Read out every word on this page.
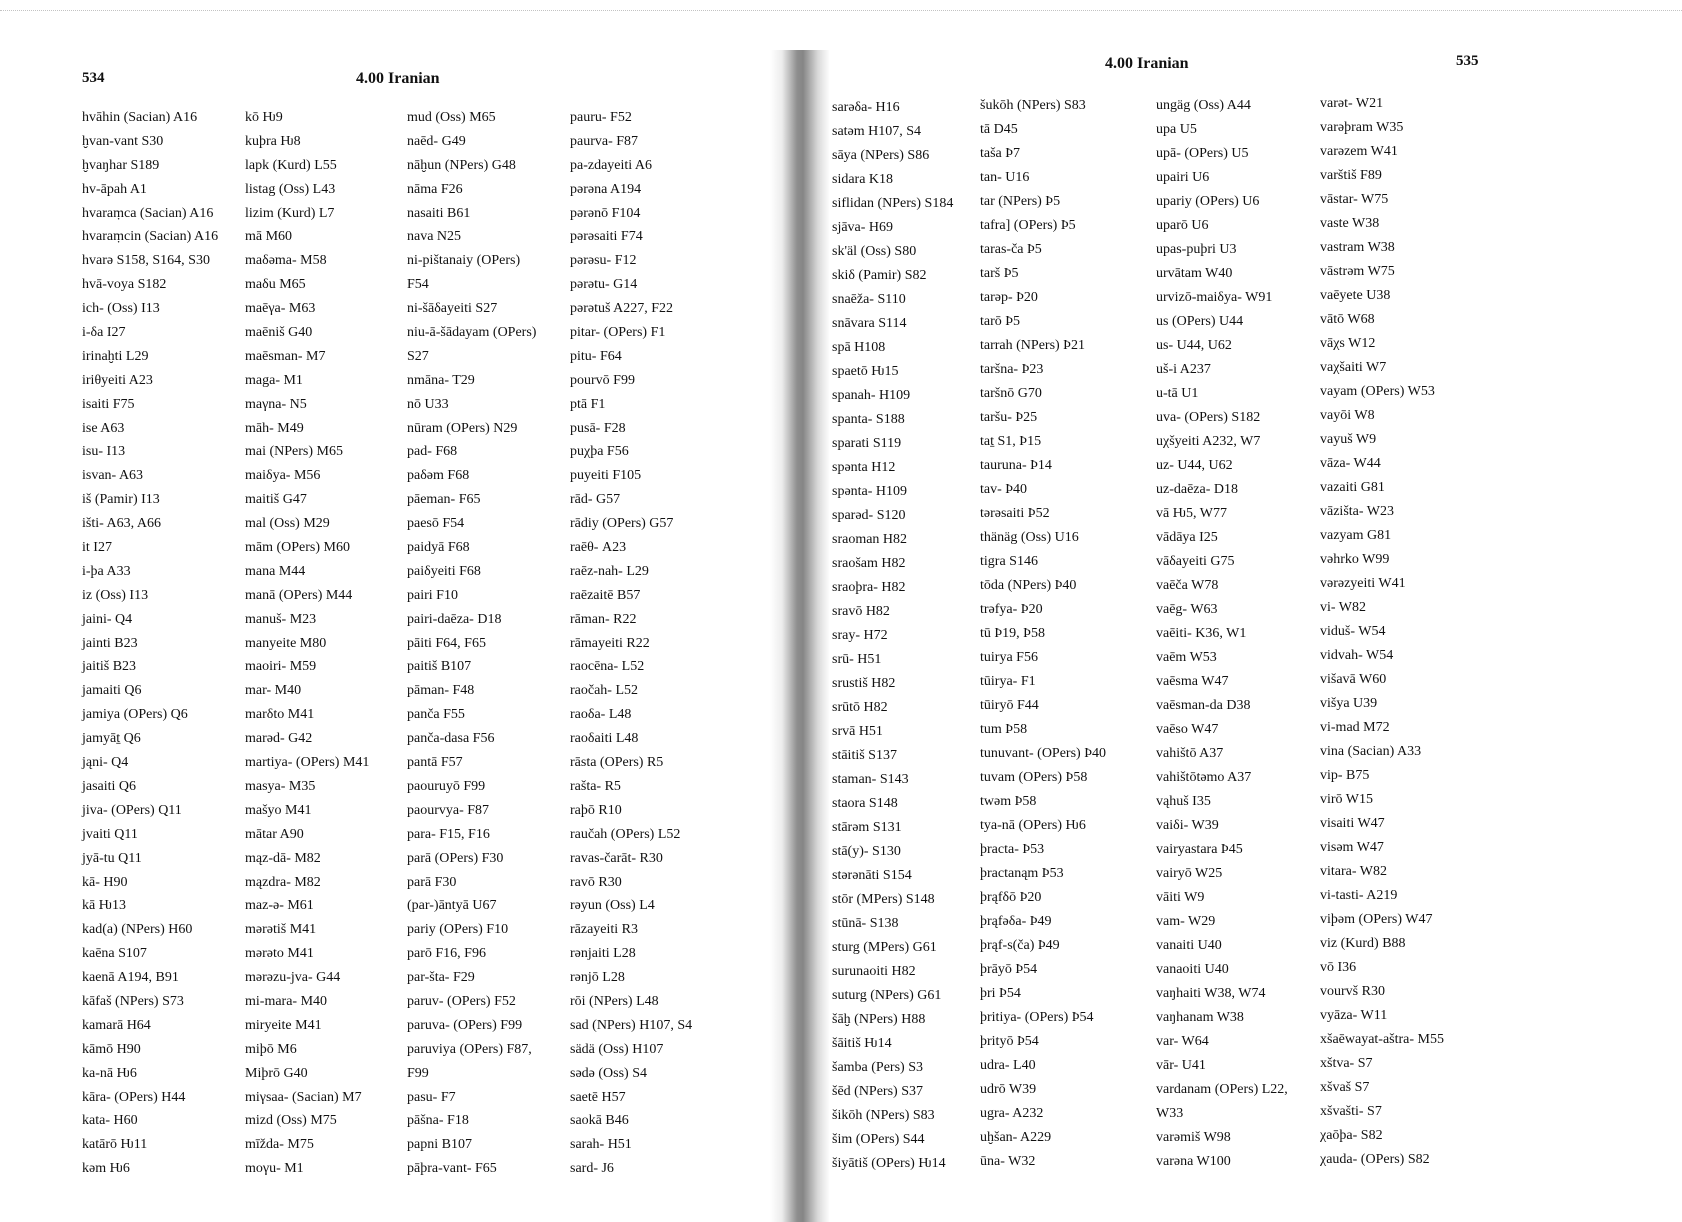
534	4.00 Iranian
hvāhin (Sacian) A16
ḫvan-vant S30
ḫvaŋhar S189
hv-āpah A1
hvaraṃca (Sacian) A16
hvaraṃcin (Sacian) A16
hvarə S158, S164, S30
hvā-voya S182
ich- (Oss) I13
i-δa I27
irinaḫti L29
iriθyeiti A23
isaiti F75
ise A63
isu- I13
isvan- A63
iš (Pamir) I13
išti- A63, A66
it I27
i-þa A33
iz (Oss) I13
jaini- Q4
jainti B23
jaitiš B23
jamaiti Q6
jamiya (OPers) Q6
jamyāṯ Q6
jąni- Q4
jasaiti Q6
jiva- (OPers) Q11
jvaiti Q11
jyā-tu Q11
kā- H90
kā Ƕ13
kad(a) (NPers) H60
kaēna S107
kaenā A194, B91
kāfaš (NPers) S73
kamarā H64
kāmō H90
ka-nā Ƕ6
kāra- (OPers) H44
kata- H60
katārō Ƕ11
kəm Ƕ6
kō Ƕ9
kuþra Ƕ8
lapk (Kurd) L55
listag (Oss) L43
lizim (Kurd) L7
mā M60
maδəma- M58
maδu M65
maēγa- M63
maēniš G40
maēsman- M7
maga- M1
maγna- N5
māh- M49
mai (NPers) M65
maiδya- M56
maitiš G47
mal (Oss) M29
mām (OPers) M60
mana M44
manā (OPers) M44
manuš- M23
manyeite M80
maoiri- M59
mar- M40
marδto M41
marəd- G42
martiya- (OPers) M41
masya- M35
mašyo M41
mātar A90
mąz-dā- M82
mązdra- M82
maz-ə- M61
mərətiš M41
mərəto M41
mərəzu-jva- G44
mi-mara- M40
miryeite M41
miþō M6
Miþrō G40
miγsaa- (Sacian) M7
mizd (Oss) M75
mīžda- M75
moγu- M1
mud (Oss) M65
naēd- G49
nāḫun (NPers) G48
nāma F26
nasaiti B61
nava N25
ni-pištanaiy (OPers)
F54
ni-šāδayeiti S27
niu-ā-šādayam (OPers)
S27
nmāna- T29
nō U33
nūram (OPers) N29
pad- F68
paδəm F68
pāeman- F65
paesō F54
paidyā F68
paiδyeiti F68
pairi F10
pairi-daēza- D18
pāiti F64, F65
paitiš B107
pāman- F48
panča F55
panča-dasa F56
pantā F57
paouruyō F99
paourvya- F87
para- F15, F16
parā (OPers) F30
parā F30
(par-)āntyā U67
pariy (OPers) F10
parō F16, F96
par-šta- F29
paruv- (OPers) F52
paruva- (OPers) F99
paruviya (OPers) F87,
F99
pasu- F7
pāšna- F18
papni B107
pāþra-vant- F65
pauru- F52
paurva- F87
pa-zdayeiti A6
pərəna A194
pərənō F104
pərəsaiti F74
pərəsu- F12
pərətu- G14
pərətuš A227, F22
pitar- (OPers) F1
pitu- F64
pourvō F99
ptā F1
pusā- F28
puχþa F56
puyeiti F105
rād- G57
rādiy (OPers) G57
raēθ- A23
raēz-nah- L29
raēzaitē B57
rāman- R22
rāmayeiti R22
raocēna- L52
raočah- L52
raoδa- L48
raoδaiti L48
rāsta (OPers) R5
rašta- R5
raþō R10
raučah (OPers) L52
ravas-čarāt- R30
ravō R30
rəyun (Oss) L4
rāzayeiti R3
rənjaiti L28
rənjō L28
rōi (NPers) L48
sad (NPers) H107, S4
sädä (Oss) H107
sədə (Oss) S4
saetē H57
saokā B46
sarah- H51
sard- J6
535
4.00 Iranian
sarəδa- H16
satəm H107, S4
sāya (NPers) S86
sidara K18
siflidan (NPers) S184
sjāva- H69
sk'äl (Oss) S80
skiδ (Pamir) S82
snaēža- S110
snāvara S114
spā H108
spaetō Ƕ15
spanah- H109
spanta- S188
sparati S119
spənta H12
spənta- H109
sparəd- S120
sraoman H82
sraošam H82
sraoþra- H82
sravō H82
sray- H72
srū- H51
srustiš H82
srūtō H82
srvā H51
stāitiš S137
staman- S143
staora S148
stārəm S131
stā(y)- S130
stərənāti S154
stōr (MPers) S148
stūnā- S138
sturg (MPers) G61
surunaoiti H82
suturg (NPers) G61
šāḫ (NPers) H88
šāitiš Ƕ14
šamba (Pers) S3
šēd (NPers) S37
šikōh (NPers) S83
šim (OPers) S44
šiyātiš (OPers) Ƕ14
šukōh (NPers) S83
tā D45
taša Þ7
tan- U16
tar (NPers) Þ5
tafra] (OPers) Þ5
taras-ča Þ5
tarš Þ5
tarəp- Þ20
tarō Þ5
tarrah (NPers) Þ21
taršna- Þ23
taršnō G70
taršu- Þ25
taṯ S1, Þ15
tauruna- Þ14
tav- Þ40
tərəsaiti Þ52
thänäg (Oss) U16
tigra S146
tōda (NPers) Þ40
trəfya- Þ20
tū Þ19, Þ58
tuirya F56
tūirya- F1
tūiryō F44
tum Þ58
tunuvant- (OPers) Þ40
tuvam (OPers) Þ58
twəm Þ58
tya-nā (OPers) Ƕ6
þracta- Þ53
þractanąm Þ53
þrąfδō Þ20
þrąfəδa- Þ49
þrąf-s(ča) Þ49
þrāyō Þ54
þri Þ54
þritiya- (OPers) Þ54
þrityō Þ54
udra- L40
udrō W39
ugra- A232
uḫšan- A229
ūna- W32
ungäg (Oss) A44
upa U5
upā- (OPers) U5
upairi U6
upariy (OPers) U6
uparō U6
upas-puþri U3
urvātam W40
urvizō-maiδya- W91
us (OPers) U44
us- U44, U62
uš-i A237
u-tā U1
uva- (OPers) S182
uχšyeiti A232, W7
uz- U44, U62
uz-daēza- D18
vā Ƕ5, W77
vādāya I25
vāδayeiti G75
vaēča W78
vaēg- W63
vaēiti- K36, W1
vaēm W53
vaēsma W47
vaēsman-da D38
vaēso W47
vahištō A37
vahištōtəmo A37
vąhuš I35
vaiδi- W39
vairyastara Þ45
vairyō W25
vāiti W9
vam- W29
vanaiti U40
vanaoiti U40
vaŋhaiti W38, W74
vaŋhanam W38
var- W64
vār- U41
vardanam (OPers) L22,
W33
varəmiš W98
varəna W100
varət- W21
varəþram W35
varəzem W41
varštiš F89
vāstar- W75
vaste W38
vastram W38
vāstrəm W75
vaēyete U38
vātō W68
vāχs W12
vaχšaiti W7
vayam (OPers) W53
vayōi W8
vayuš W9
vāza- W44
vazaiti G81
vāzišta- W23
vazyam G81
vəhrko W99
vərəzyeiti W41
vi- W82
viduš- W54
vidvah- W54
višavā W60
višya U39
vi-mad M72
vina (Sacian) A33
vip- B75
virō W15
visaiti W47
visəm W47
vitara- W82
vi-tasti- A219
viþəm (OPers) W47
viz (Kurd) B88
vō I36
vourvš R30
vyāza- W11
xšaēwayat-aštra- M55
xštva- S7
xšvaš S7
xšvašti- S7
χaōþa- S82
χauda- (OPers) S82
